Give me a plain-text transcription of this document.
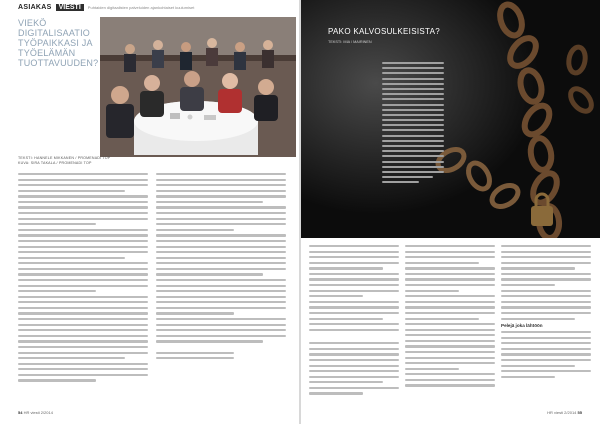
ASIAKAS	VIESTI	Puhtaiden digitaalisten palveluiden ajankohtaiset kuulumiset
VIEKÖ DIGITALISAATIO TYÖPAIKKASI JA TYÖELÄMÄN TUOTTAVUUDEN?
TEKSTI: HANNELE MIKKANEN / PROMENADI TOP
KUVA: SIRA TAKALA / PROMENADI TOP
54 HR viesti 2/2014

Pelejä joka lähtöön
HR viesti 2/2014 55
PAKO KALVOSULKEISISTA?
TEKSTI: MIA / MAIRINEN
